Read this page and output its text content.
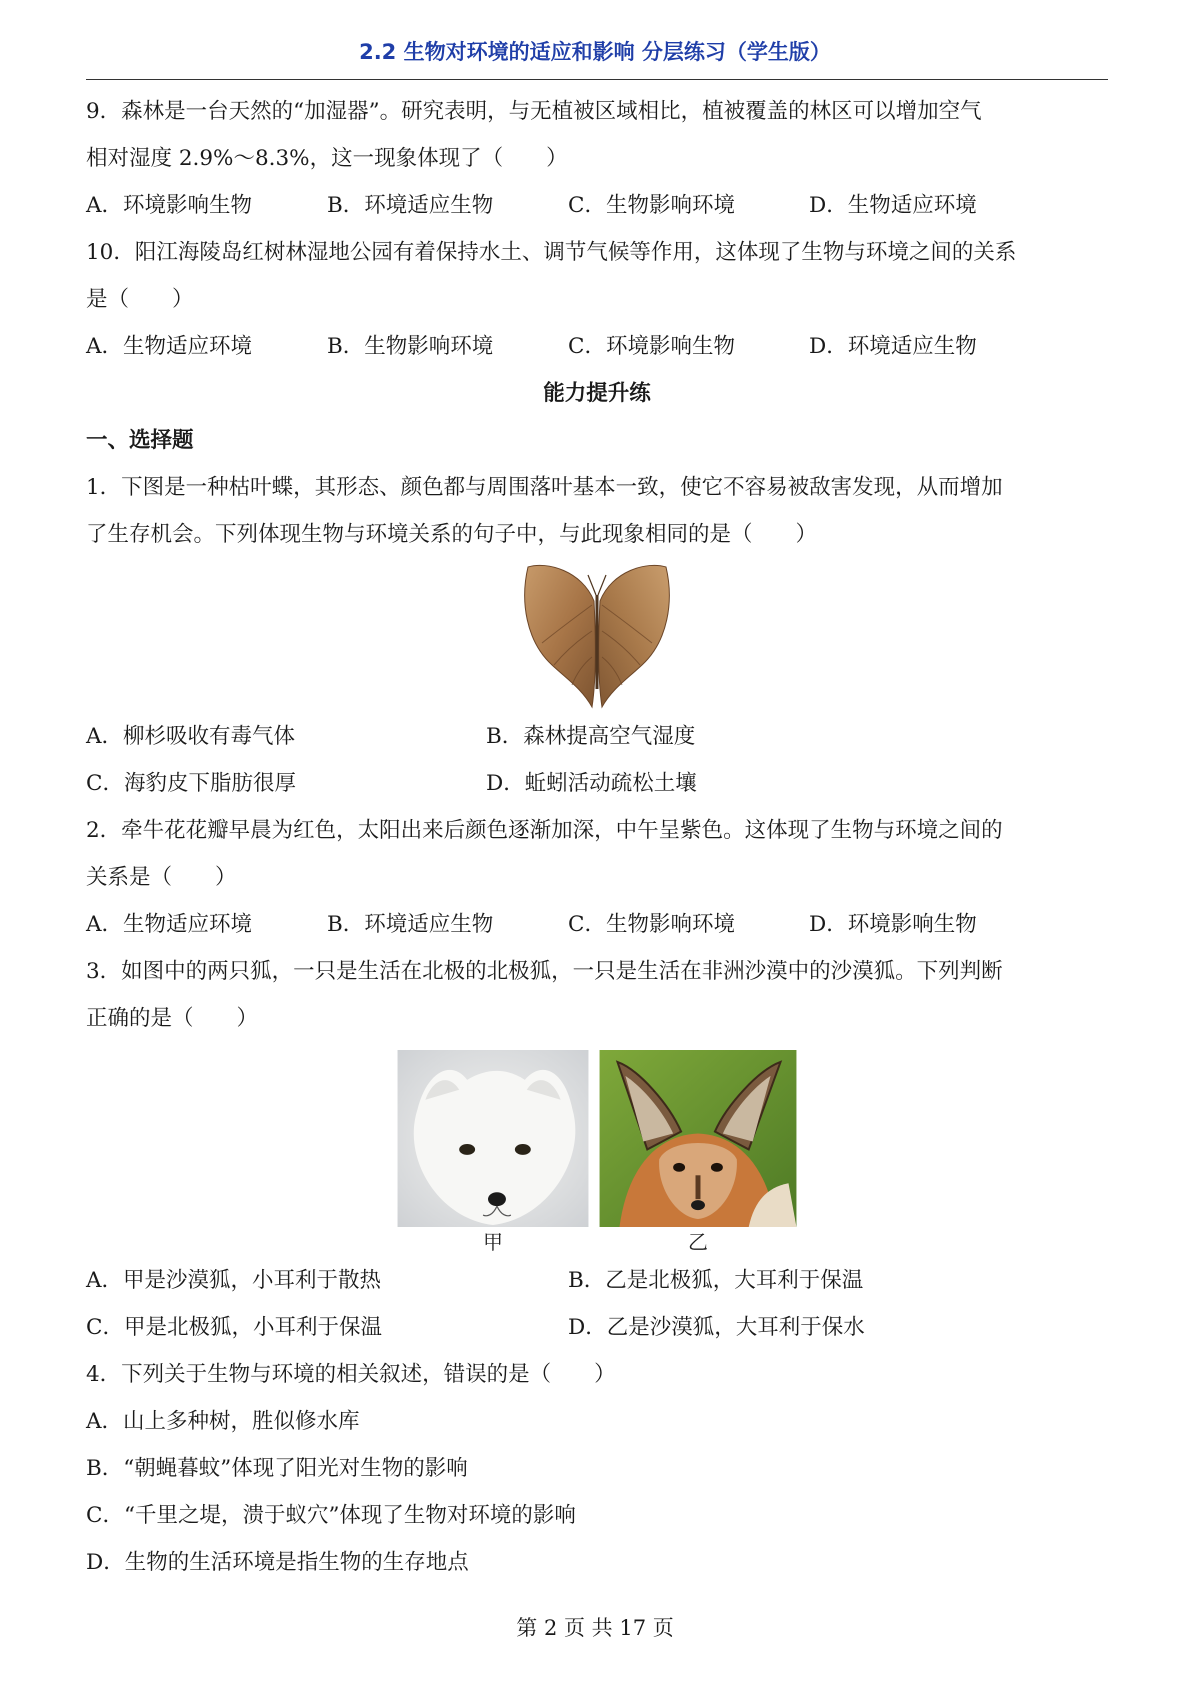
2.2 生物对环境的适应和影响 分层练习（学生版）
9．森林是一台天然的“加湿器”。研究表明，与无植被区域相比，植被覆盖的林区可以增加空气
相对湿度 2.9%～8.3%，这一现象体现了（　　）
A．环境影响生物	B．环境适应生物	C．生物影响环境	D．生物适应环境
10．阳江海陵岛红树林湿地公园有着保持水土、调节气候等作用，这体现了生物与环境之间的关系
是（　　）
A．生物适应环境	B．生物影响环境	C．环境影响生物	D．环境适应生物
能力提升练
一、选择题
1．下图是一种枯叶蝶，其形态、颜色都与周围落叶基本一致，使它不容易被敌害发现，从而增加
了生存机会。下列体现生物与环境关系的句子中，与此现象相同的是（　　）
A．柳杉吸收有毒气体	B．森林提高空气湿度
C．海豹皮下脂肪很厚	D．蚯蚓活动疏松土壤
2．牵牛花花瓣早晨为红色，太阳出来后颜色逐渐加深，中午呈紫色。这体现了生物与环境之间的
关系是（　　）
A．生物适应环境	B．环境适应生物	C．生物影响环境	D．环境影响生物
3．如图中的两只狐，一只是生活在北极的北极狐，一只是生活在非洲沙漠中的沙漠狐。下列判断
正确的是（　　）
甲	乙
A．甲是沙漠狐，小耳利于散热	B．乙是北极狐，大耳利于保温
C．甲是北极狐，小耳利于保温	D．乙是沙漠狐，大耳利于保水
4．下列关于生物与环境的相关叙述，错误的是（　　）
A．山上多种树，胜似修水库
B．“朝蝇暮蚊”体现了阳光对生物的影响
C．“千里之堤，溃于蚁穴”体现了生物对环境的影响
D．生物的生活环境是指生物的生存地点
第 2 页 共 17 页
